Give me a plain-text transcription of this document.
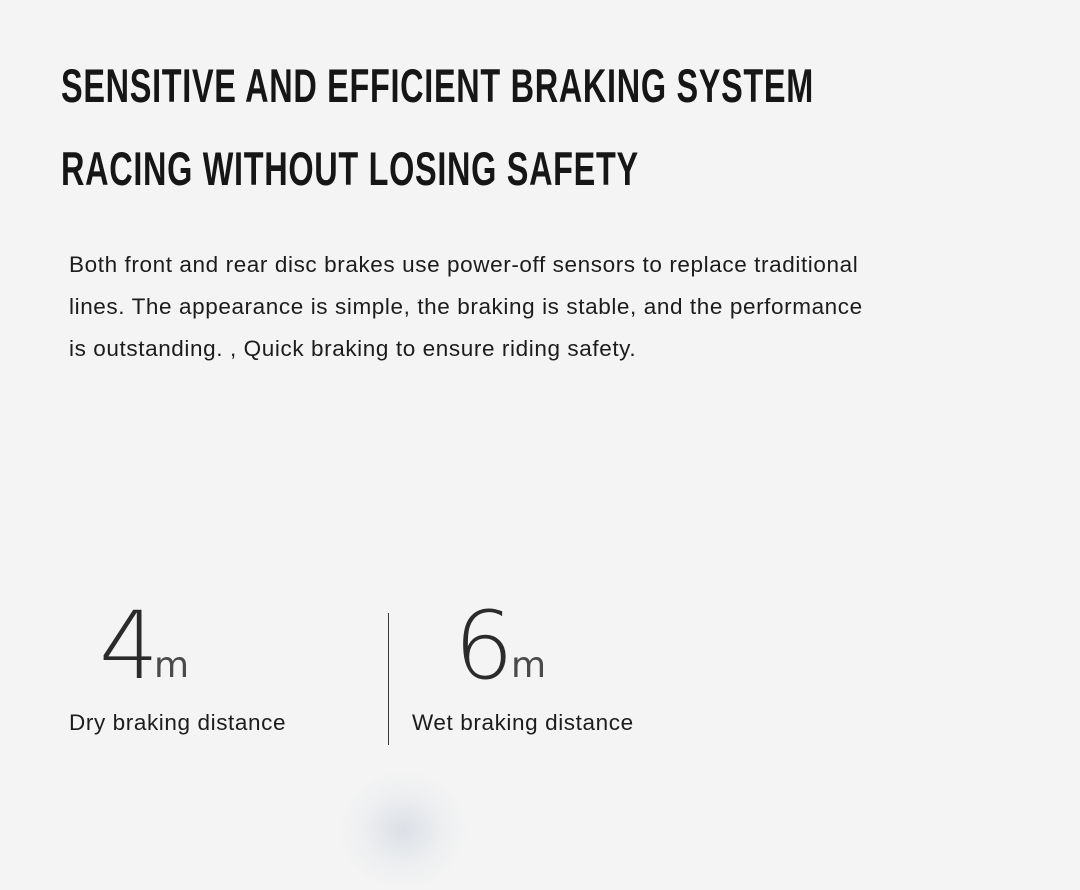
SENSITIVE AND EFFICIENT BRAKING SYSTEM
RACING WITHOUT LOSING SAFETY

Both front and rear disc brakes use power-off sensors to replace traditional
lines. The appearance is simple, the braking is stable, and the performance
is outstanding. , Quick braking to ensure riding safety.

4
m
Dry braking distance
6
m
Wet braking distance
